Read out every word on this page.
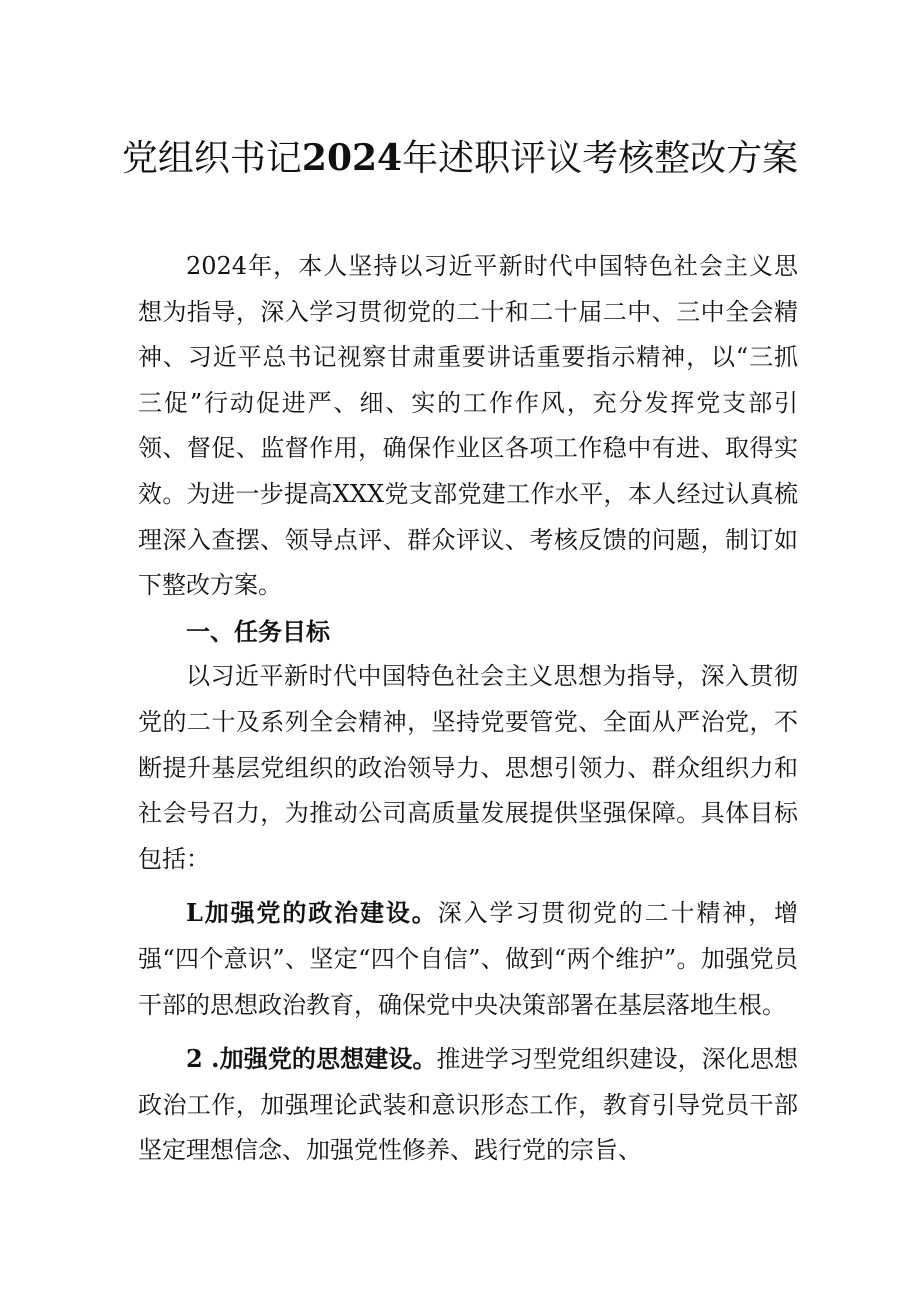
党组织书记2024年述职评议考核整改方案

2024年，本人坚持以习近平新时代中国特色社会主义思想为指导，深入学习贯彻党的二十和二十届二中、三中全会精神、习近平总书记视察甘肃重要讲话重要指示精神，以“三抓三促”行动促进严、细、实的工作作风，充分发挥党支部引领、督促、监督作用，确保作业区各项工作稳中有进、取得实效。为进一步提高XXX党支部党建工作水平，本人经过认真梳理深入查摆、领导点评、群众评议、考核反馈的问题，制订如下整改方案。

一、任务目标

以习近平新时代中国特色社会主义思想为指导，深入贯彻党的二十及系列全会精神，坚持党要管党、全面从严治党，不断提升基层党组织的政治领导力、思想引领力、群众组织力和社会号召力，为推动公司高质量发展提供坚强保障。具体目标包括：

L加强党的政治建设。深入学习贯彻党的二十精神，增强“四个意识”、坚定“四个自信”、做到“两个维护”。加强党员干部的思想政治教育，确保党中央决策部署在基层落地生根。

2 .加强党的思想建设。推进学习型党组织建设，深化思想政治工作，加强理论武装和意识形态工作，教育引导党员干部坚定理想信念、加强党性修养、践行党的宗旨、
